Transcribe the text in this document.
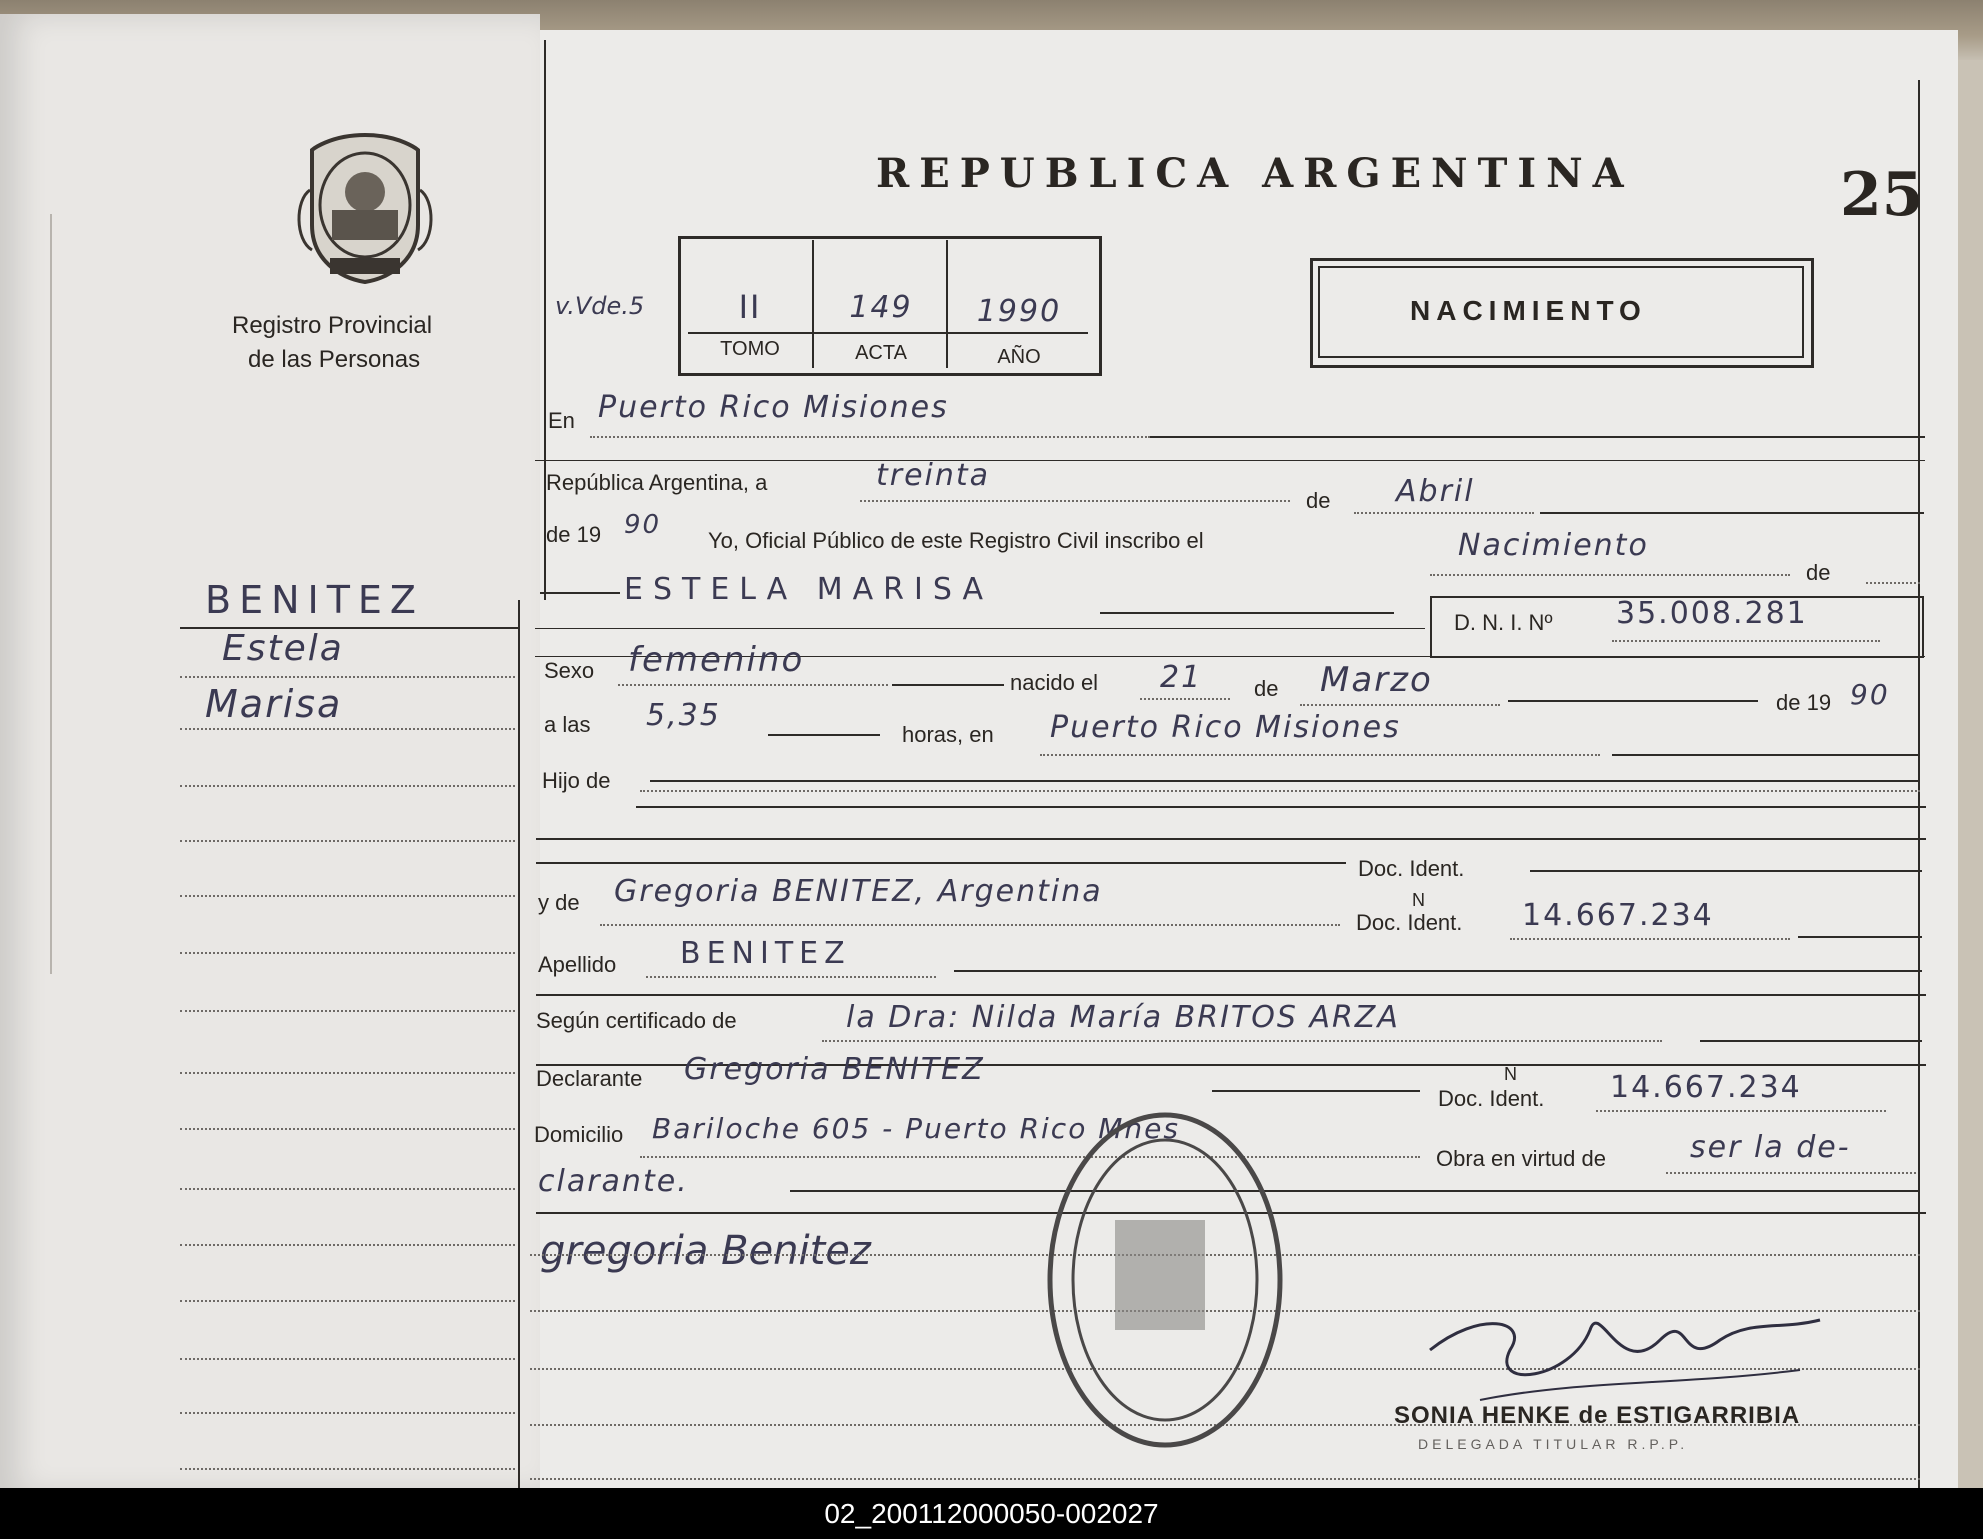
Registro Provincial
de las Personas
BENITEZ
Estela
Marisa
REPUBLICA ARGENTINA	25
NACIMIENTO
v.Vde.5	II	149	1990
TOMO	ACTA	AÑO
En Puerto Rico Misiones
República Argentina, a	treinta
de Abril
de 19 90
Yo, Oficial Público de este Registro Civil inscribo el	Nacimiento
de
ESTELA MARISA
D. N. I. Nº 35.008.281
Sexo femenino
nacido el 21 de Marzo
de 19 90
a las 5,35
horas, en Puerto Rico Misiones
Hijo de
Doc. Ident.
y de Gregoria BENITEZ, Argentina
Doc. Ident.
N	14.667.234
Apellido BENITEZ
Según certificado de	la Dra: Nilda María BRITOS ARZA
Declarante Gregoria BENITEZ
Doc. Ident.
N	14.667.234
Domicilio Bariloche 605 - Puerto Rico Mnes
Obra en virtud de	ser la de-
clarante.
gregoria Benitez
SONIA HENKE de ESTIGARRIBIA
DELEGADA TITULAR R.P.P.
02_200112000050-002027
